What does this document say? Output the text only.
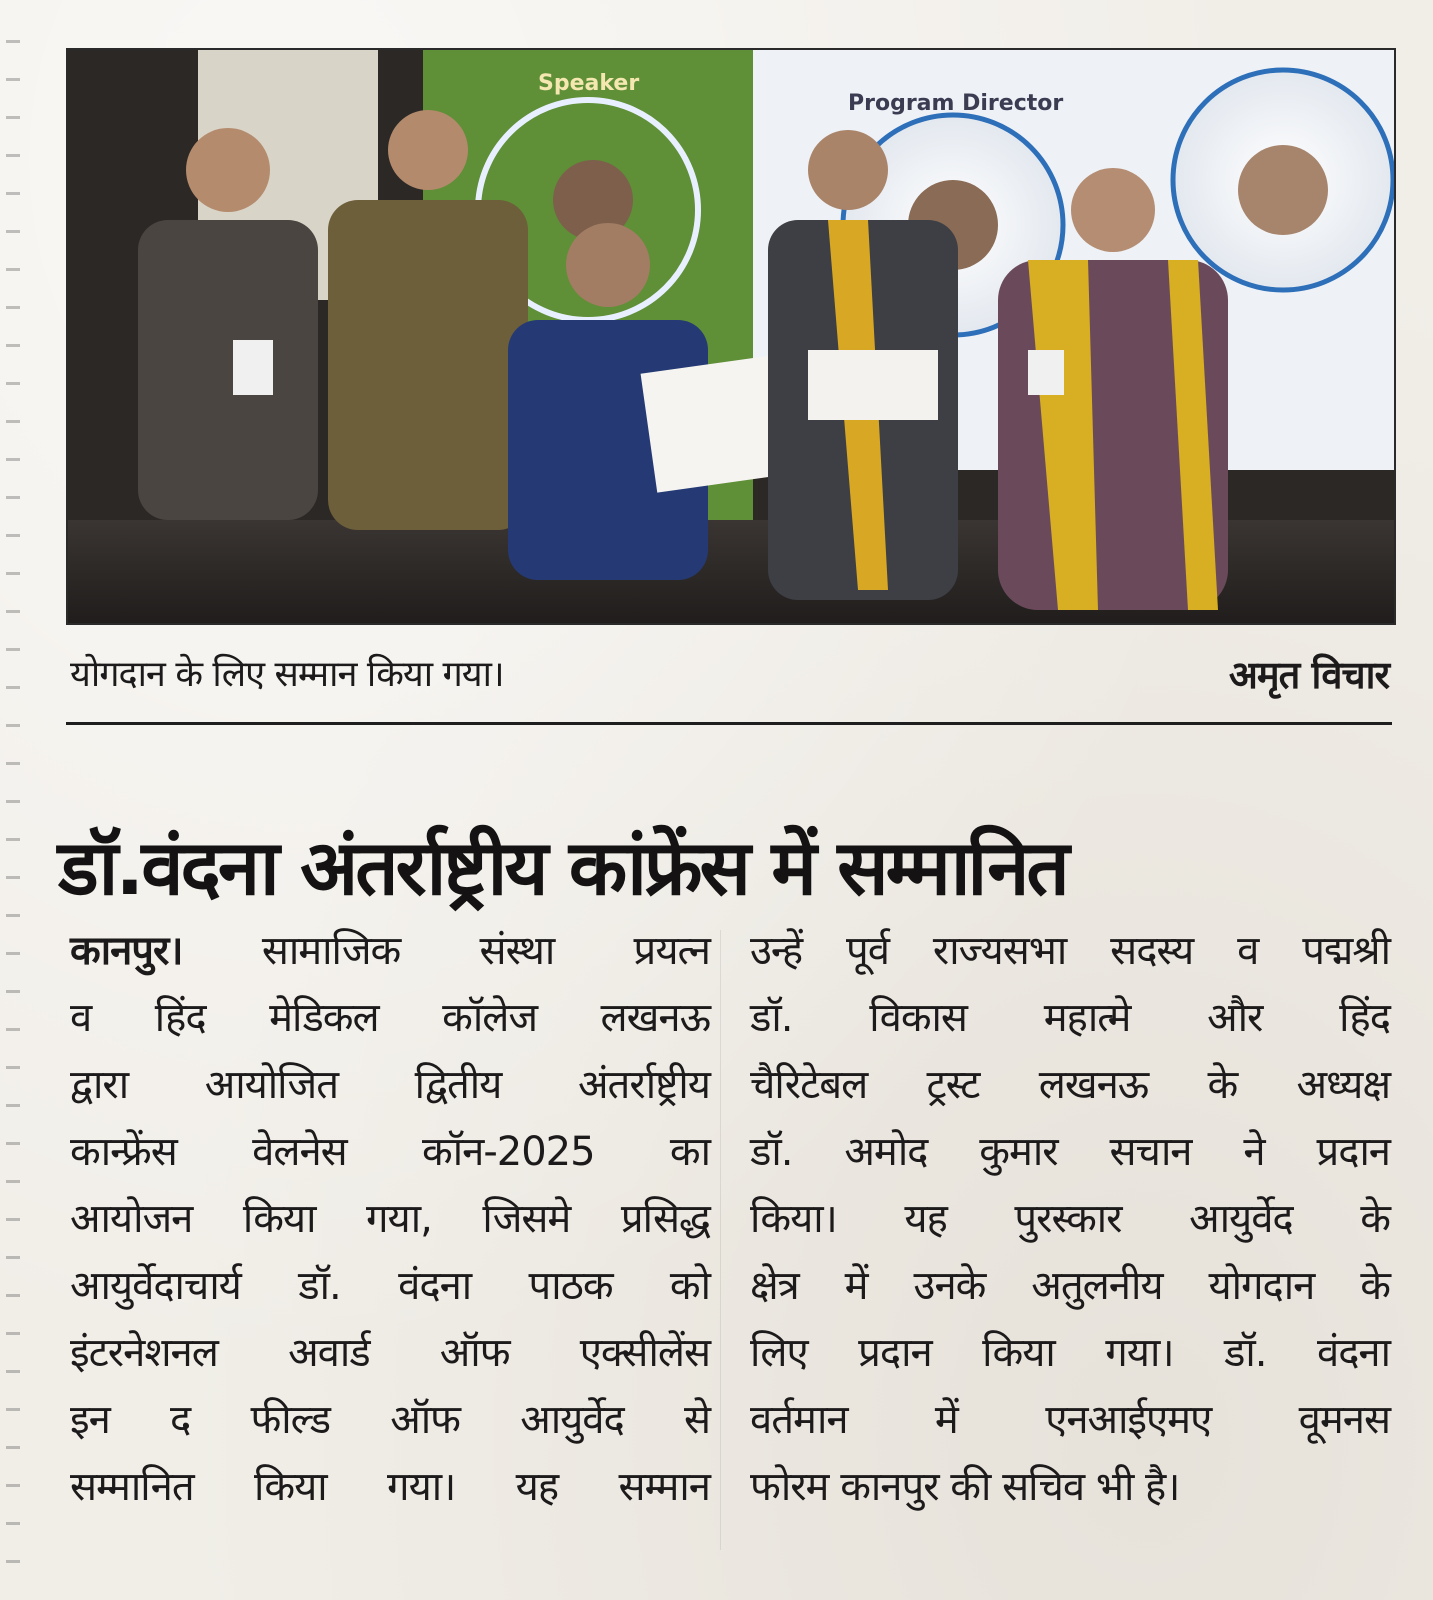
Speaker
Program Director
योगदान के लिए सम्मान किया गया।	अमृत विचार
डॉ.वंदना अंतर्राष्ट्रीय कांफ्रेंस में सम्मानित
कानपुर। सामाजिक संस्था प्रयत्न
व हिंद मेडिकल कॉलेज लखनऊ
द्वारा आयोजित द्वितीय अंतर्राष्ट्रीय
कान्फ्रेंस वेलनेस कॉन-2025 का
आयोजन किया गया, जिसमे प्रसिद्ध
आयुर्वेदाचार्य डॉ. वंदना पाठक को
इंटरनेशनल अवार्ड ऑफ एक्सीलेंस
इन द फील्ड ऑफ आयुर्वेद से
सम्मानित किया गया। यह सम्मान
उन्हें पूर्व राज्यसभा सदस्य व पद्मश्री
डॉ. विकास महात्मे और हिंद
चैरिटेबल ट्रस्ट लखनऊ के अध्यक्ष
डॉ. अमोद कुमार सचान ने प्रदान
किया। यह पुरस्कार आयुर्वेद के
क्षेत्र में उनके अतुलनीय योगदान के
लिए प्रदान किया गया। डॉ. वंदना
वर्तमान में एनआईएमए वूमनस
फोरम कानपुर की सचिव भी है।
